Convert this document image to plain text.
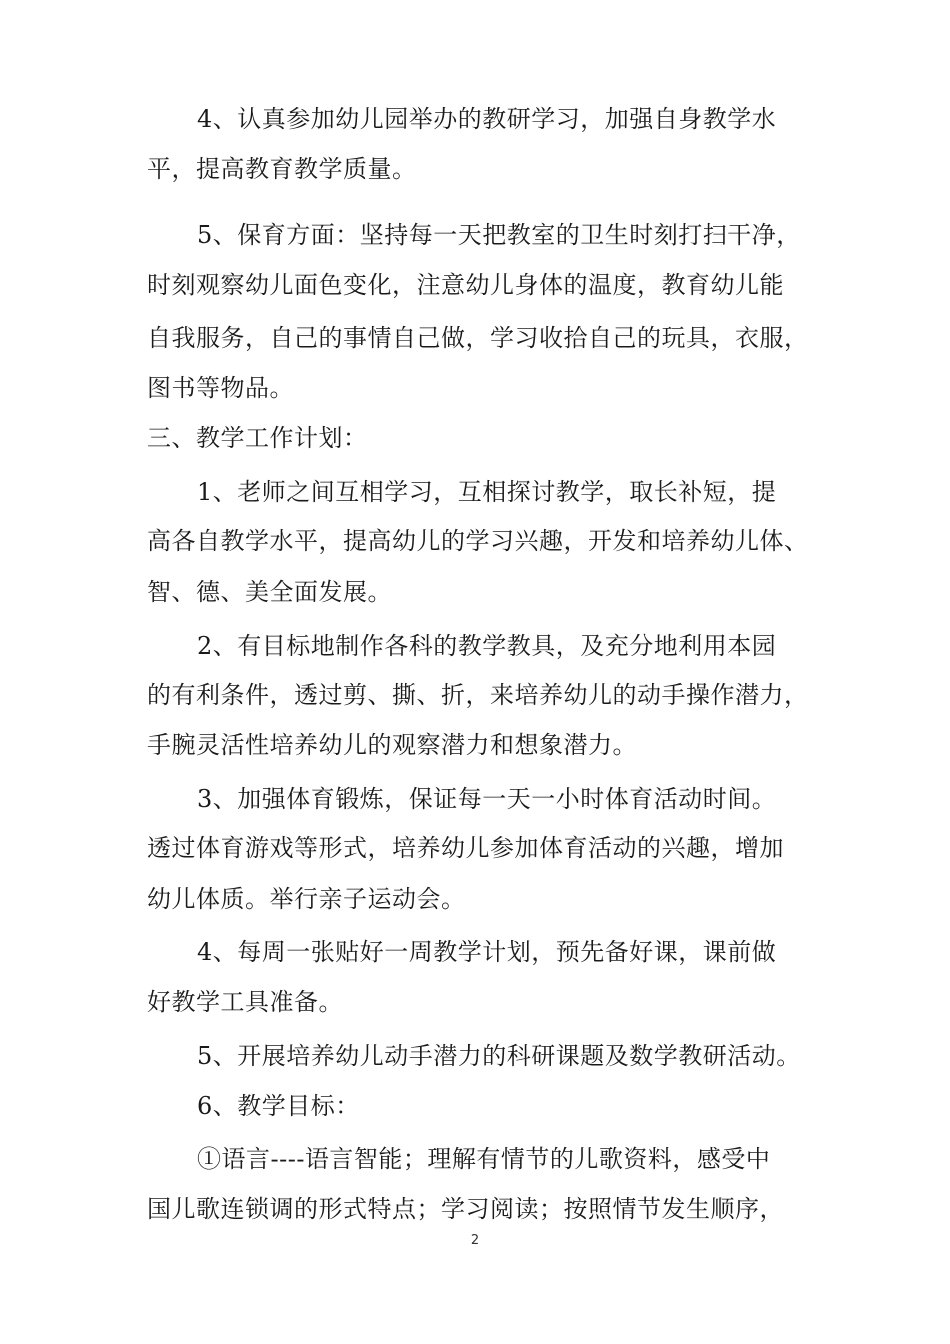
4、认真参加幼儿园举办的教研学习，加强自身教学水
平，提高教育教学质量。
5、保育方面：坚持每一天把教室的卫生时刻打扫干净，
时刻观察幼儿面色变化，注意幼儿身体的温度，教育幼儿能
自我服务，自己的事情自己做，学习收拾自己的玩具，衣服，
图书等物品。
三、教学工作计划：
1、老师之间互相学习，互相探讨教学，取长补短，提
高各自教学水平，提高幼儿的学习兴趣，开发和培养幼儿体、
智、德、美全面发展。
2、有目标地制作各科的教学教具，及充分地利用本园
的有利条件，透过剪、撕、折，来培养幼儿的动手操作潜力，
手腕灵活性培养幼儿的观察潜力和想象潜力。
3、加强体育锻炼，保证每一天一小时体育活动时间。
透过体育游戏等形式，培养幼儿参加体育活动的兴趣，增加
幼儿体质。举行亲子运动会。
4、每周一张贴好一周教学计划，预先备好课，课前做
好教学工具准备。
5、开展培养幼儿动手潜力的科研课题及数学教研活动。
6、教学目标：
①语言----语言智能；理解有情节的儿歌资料，感受中
国儿歌连锁调的形式特点；学习阅读；按照情节发生顺序，
2
